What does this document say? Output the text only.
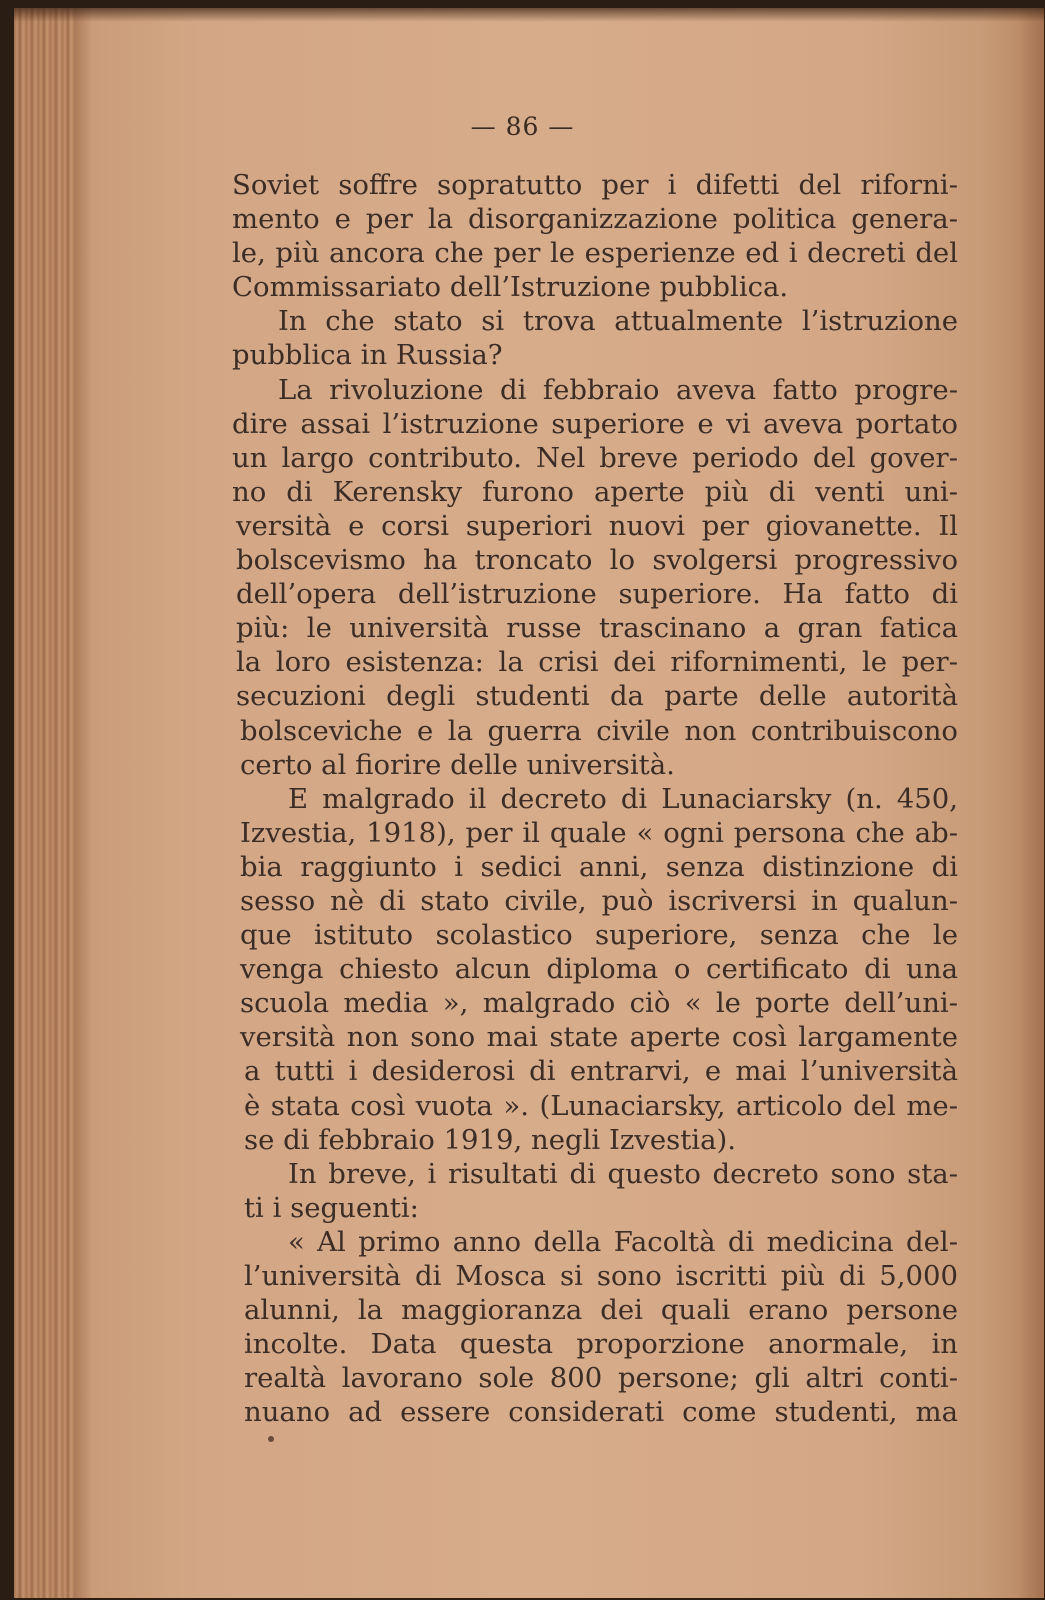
— 86 —
Soviet soffre sopratutto per i difetti del riforni-
mento e per la disorganizzazione politica genera-
le, più ancora che per le esperienze ed i decreti del
Commissariato dell’Istruzione pubblica.
In che stato si trova attualmente l’istruzione
pubblica in Russia?
La rivoluzione di febbraio aveva fatto progre-
dire assai l’istruzione superiore e vi aveva portato
un largo contributo. Nel breve periodo del gover-
no di Kerensky furono aperte più di venti uni-
versità e corsi superiori nuovi per giovanette. Il
bolscevismo ha troncato lo svolgersi progressivo
dell’opera dell’istruzione superiore. Ha fatto di
più: le università russe trascinano a gran fatica
la loro esistenza: la crisi dei rifornimenti, le per-
secuzioni degli studenti da parte delle autorità
bolsceviche e la guerra civile non contribuiscono
certo al fiorire delle università.
E malgrado il decreto di Lunaciarsky (n. 450,
Izvestia, 1918), per il quale « ogni persona che ab-
bia raggiunto i sedici anni, senza distinzione di
sesso nè di stato civile, può iscriversi in qualun-
que istituto scolastico superiore, senza che le
venga chiesto alcun diploma o certificato di una
scuola media », malgrado ciò « le porte dell’uni-
versità non sono mai state aperte così largamente
a tutti i desiderosi di entrarvi, e mai l’università
è stata così vuota ». (Lunaciarsky, articolo del me-
se di febbraio 1919, negli Izvestia).
In breve, i risultati di questo decreto sono sta-
ti i seguenti:
« Al primo anno della Facoltà di medicina del-
l’università di Mosca si sono iscritti più di 5,000
alunni, la maggioranza dei quali erano persone
incolte. Data questa proporzione anormale, in
realtà lavorano sole 800 persone; gli altri conti-
nuano ad essere considerati come studenti, ma
